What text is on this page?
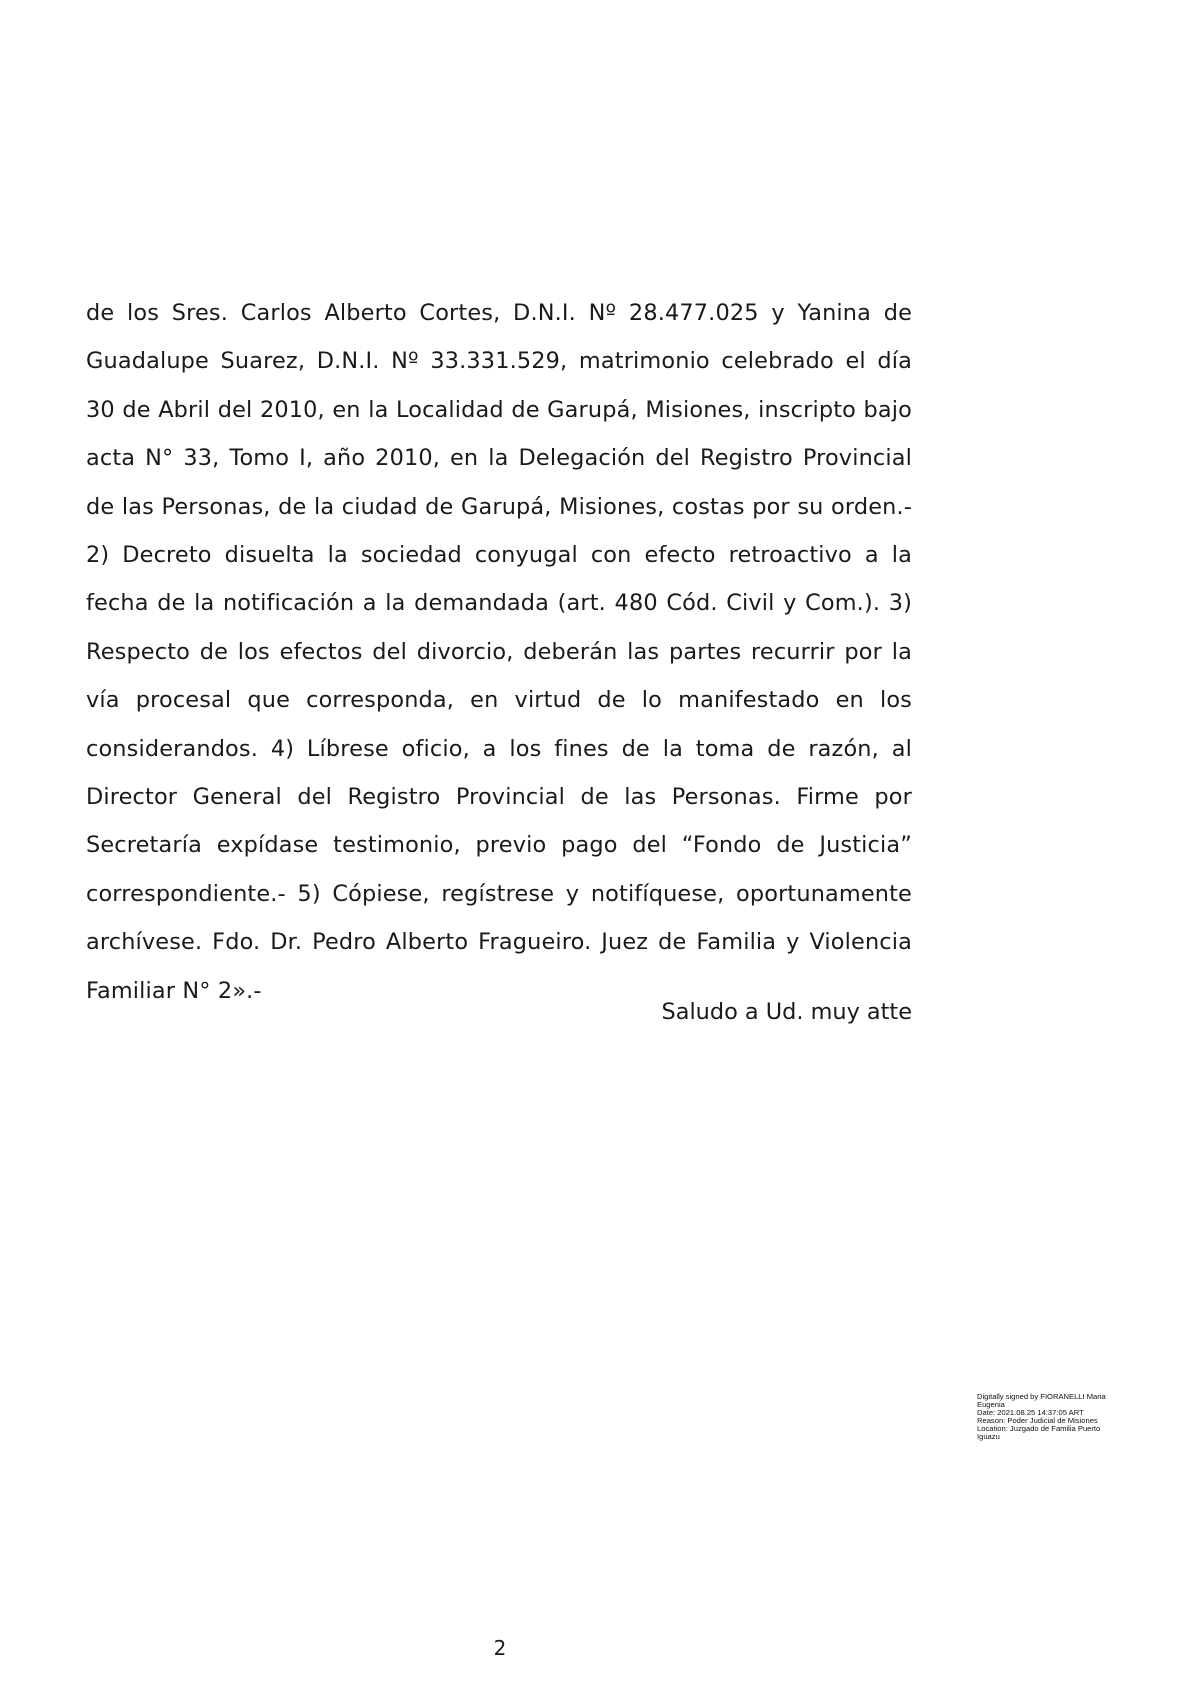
de los Sres. Carlos Alberto Cortes, D.N.I. Nº 28.477.025 y Yanina de Guadalupe Suarez, D.N.I. Nº 33.331.529, matrimonio celebrado el día 30 de Abril del 2010, en la Localidad de Garupá, Misiones, inscripto bajo acta N° 33, Tomo I, año 2010, en la Delegación del Registro Provincial de las Personas, de la ciudad de Garupá, Misiones, costas por su orden.- 2) Decreto disuelta la sociedad conyugal con efecto retroactivo a la fecha de la notificación a la demandada (art. 480 Cód. Civil y Com.). 3) Respecto de los efectos del divorcio, deberán las partes recurrir por la vía procesal que corresponda, en virtud de lo manifestado en los considerandos. 4) Líbrese oficio, a los fines de la toma de razón, al Director General del Registro Provincial de las Personas. Firme por Secretaría expídase testimonio, previo pago del “Fondo de Justicia” correspondiente.- 5) Cópiese, regístrese y notifíquese, oportunamente archívese. Fdo. Dr. Pedro Alberto Fragueiro. Juez de Familia y Violencia Familiar N° 2».-

Saludo a Ud. muy atte

Digitally signed by FIORANELLI Maria
Eugenia
Date: 2021.08.25 14:37:05 ART
Reason: Poder Judicial de Misiones
Location: Juzgado de Familia Puerto
Iguazu

2
